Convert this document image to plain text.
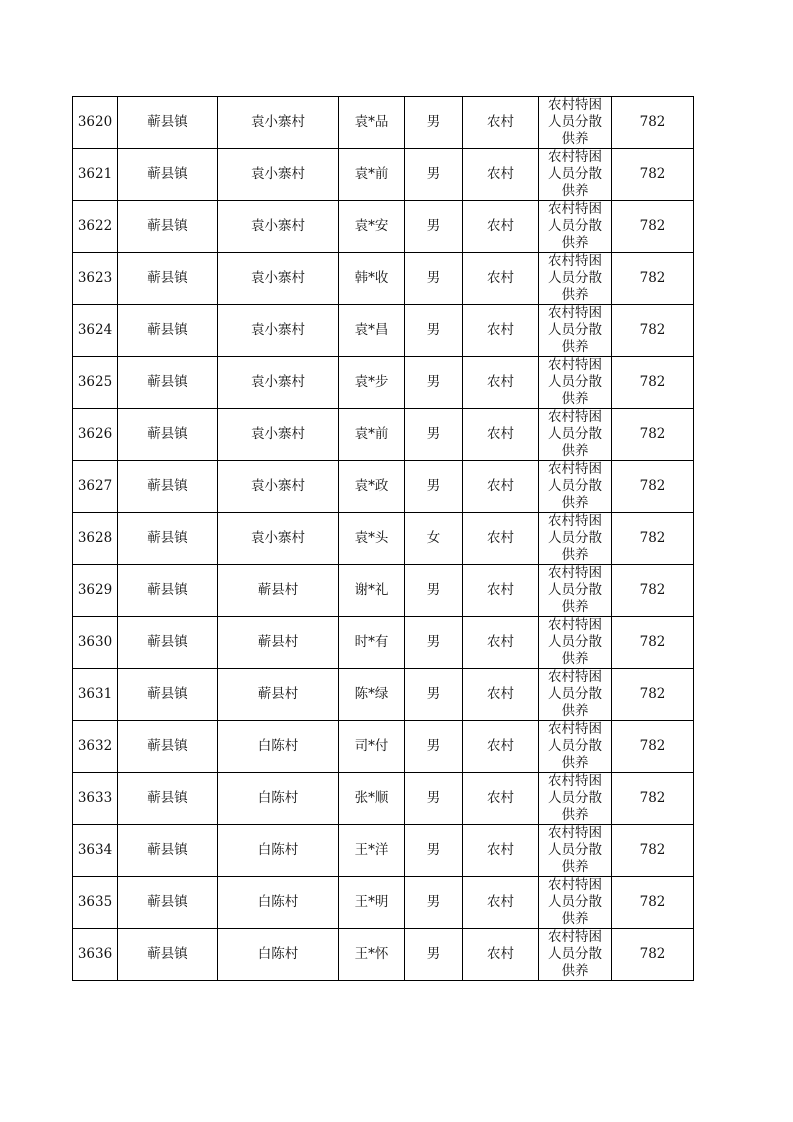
3620	蕲县镇	袁小寨村	袁*品	男	农村	农村特困
人员分散
供养	782
3621	蕲县镇	袁小寨村	袁*前	男	农村	农村特困
人员分散
供养	782
3622	蕲县镇	袁小寨村	袁*安	男	农村	农村特困
人员分散
供养	782
3623	蕲县镇	袁小寨村	韩*收	男	农村	农村特困
人员分散
供养	782
3624	蕲县镇	袁小寨村	袁*昌	男	农村	农村特困
人员分散
供养	782
3625	蕲县镇	袁小寨村	袁*步	男	农村	农村特困
人员分散
供养	782
3626	蕲县镇	袁小寨村	袁*前	男	农村	农村特困
人员分散
供养	782
3627	蕲县镇	袁小寨村	袁*政	男	农村	农村特困
人员分散
供养	782
3628	蕲县镇	袁小寨村	袁*头	女	农村	农村特困
人员分散
供养	782
3629	蕲县镇	蕲县村	谢*礼	男	农村	农村特困
人员分散
供养	782
3630	蕲县镇	蕲县村	时*有	男	农村	农村特困
人员分散
供养	782
3631	蕲县镇	蕲县村	陈*绿	男	农村	农村特困
人员分散
供养	782
3632	蕲县镇	白陈村	司*付	男	农村	农村特困
人员分散
供养	782
3633	蕲县镇	白陈村	张*顺	男	农村	农村特困
人员分散
供养	782
3634	蕲县镇	白陈村	王*洋	男	农村	农村特困
人员分散
供养	782
3635	蕲县镇	白陈村	王*明	男	农村	农村特困
人员分散
供养	782
3636	蕲县镇	白陈村	王*怀	男	农村	农村特困
人员分散
供养	782
